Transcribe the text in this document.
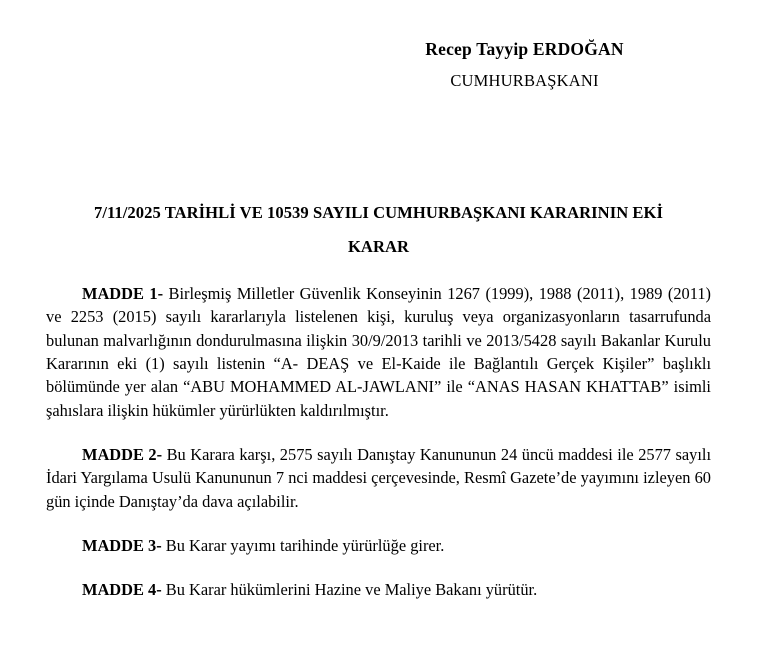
Recep Tayyip ERDOĞAN
CUMHURBAŞKANI
7/11/2025 TARİHLİ VE 10539 SAYILI CUMHURBAŞKANI KARARININ EKİ
KARAR

MADDE 1- Birleşmiş Milletler Güvenlik Konseyinin 1267 (1999), 1988 (2011), 1989 (2011) ve 2253 (2015) sayılı kararlarıyla listelenen kişi, kuruluş veya organizasyonların tasarrufunda bulunan malvarlığının dondurulmasına ilişkin 30/9/2013 tarihli ve 2013/5428 sayılı Bakanlar Kurulu Kararının eki (1) sayılı listenin “A- DEAŞ ve El-Kaide ile Bağlantılı Gerçek Kişiler” başlıklı bölümünde yer alan “ABU MOHAMMED AL-JAWLANI” ile “ANAS HASAN KHATTAB” isimli şahıslara ilişkin hükümler yürürlükten kaldırılmıştır.

MADDE 2- Bu Karara karşı, 2575 sayılı Danıştay Kanununun 24 üncü maddesi ile 2577 sayılı İdari Yargılama Usulü Kanununun 7 nci maddesi çerçevesinde, Resmî Gazete’de yayımını izleyen 60 gün içinde Danıştay’da dava açılabilir.

MADDE 3- Bu Karar yayımı tarihinde yürürlüğe girer.

MADDE 4- Bu Karar hükümlerini Hazine ve Maliye Bakanı yürütür.
